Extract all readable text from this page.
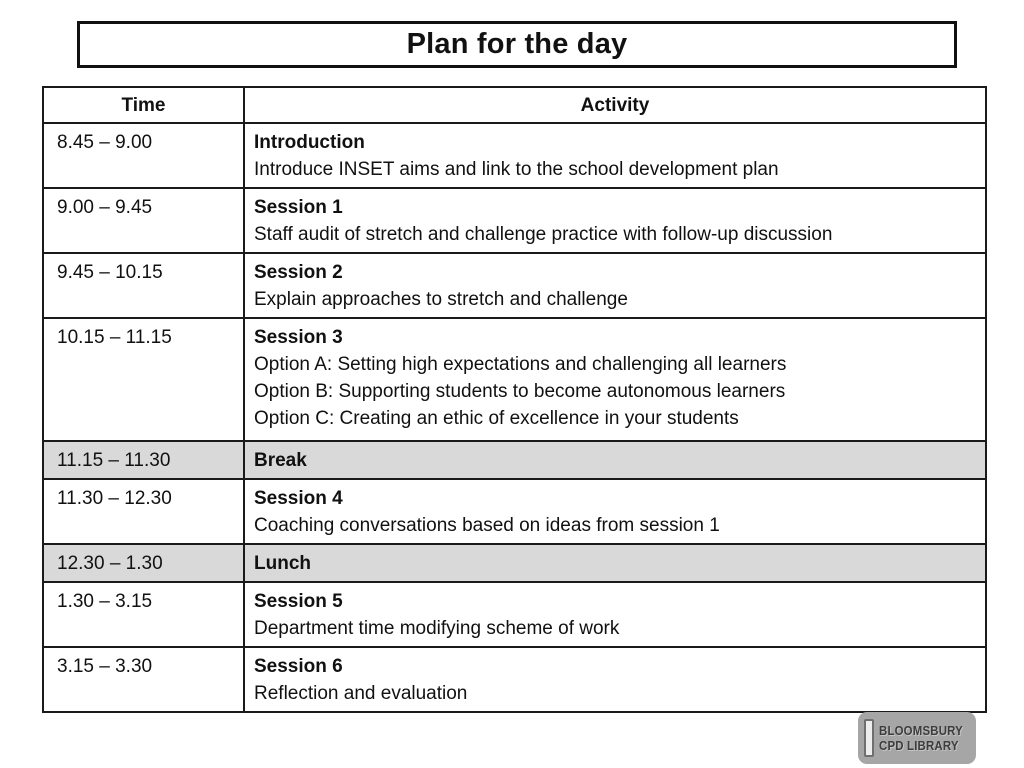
Plan for the day
Time	Activity
8.45 – 9.00	Introduction
Introduce INSET aims and link to the school development plan

9.00 – 9.45	Session 1
Staff audit of stretch and challenge practice with follow-up discussion

9.45 – 10.15	Session 2
Explain approaches to stretch and challenge

10.15 – 11.15	Session 3
Option A: Setting high expectations and challenging all learners
Option B: Supporting students to become autonomous learners
Option C: Creating an ethic of excellence in your students

11.15 – 11.30	Break

11.30 – 12.30	Session 4
Coaching conversations based on ideas from session 1

12.30 – 1.30	Lunch

1.30 – 3.15	Session 5
Department time modifying scheme of work

3.15 – 3.30	Session 6
Reflection and evaluation
BLOOMSBURY
CPD LIBRARY
